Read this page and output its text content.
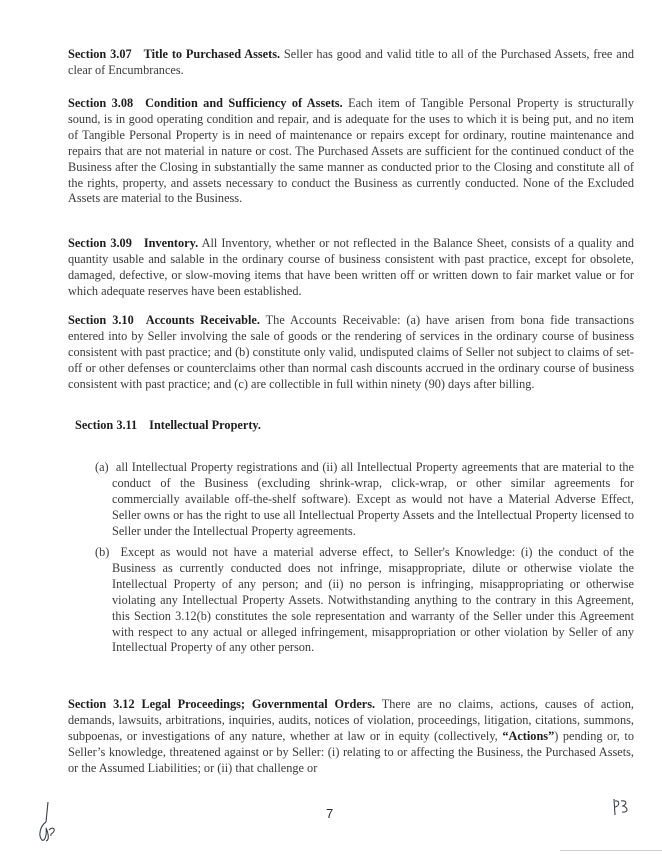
Section 3.07 Title to Purchased Assets. Seller has good and valid title to all of the Purchased Assets, free and clear of Encumbrances.
Section 3.08 Condition and Sufficiency of Assets. Each item of Tangible Personal Property is structurally sound, is in good operating condition and repair, and is adequate for the uses to which it is being put, and no item of Tangible Personal Property is in need of maintenance or repairs except for ordinary, routine maintenance and repairs that are not material in nature or cost. The Purchased Assets are sufficient for the continued conduct of the Business after the Closing in substantially the same manner as conducted prior to the Closing and constitute all of the rights, property, and assets necessary to conduct the Business as currently conducted. None of the Excluded Assets are material to the Business.
Section 3.09 Inventory. All Inventory, whether or not reflected in the Balance Sheet, consists of a quality and quantity usable and salable in the ordinary course of business consistent with past practice, except for obsolete, damaged, defective, or slow-moving items that have been written off or written down to fair market value or for which adequate reserves have been established.
Section 3.10 Accounts Receivable. The Accounts Receivable: (a) have arisen from bona fide transactions entered into by Seller involving the sale of goods or the rendering of services in the ordinary course of business consistent with past practice; and (b) constitute only valid, undisputed claims of Seller not subject to claims of set-off or other defenses or counterclaims other than normal cash discounts accrued in the ordinary course of business consistent with past practice; and (c) are collectible in full within ninety (90) days after billing.
Section 3.11 Intellectual Property.
(a) all Intellectual Property registrations and (ii) all Intellectual Property agreements that are material to the conduct of the Business (excluding shrink-wrap, click-wrap, or other similar agreements for commercially available off-the-shelf software). Except as would not have a Material Adverse Effect, Seller owns or has the right to use all Intellectual Property Assets and the Intellectual Property licensed to Seller under the Intellectual Property agreements.
(b) Except as would not have a material adverse effect, to Seller's Knowledge: (i) the conduct of the Business as currently conducted does not infringe, misappropriate, dilute or otherwise violate the Intellectual Property of any person; and (ii) no person is infringing, misappropriating or otherwise violating any Intellectual Property Assets. Notwithstanding anything to the contrary in this Agreement, this Section 3.12(b) constitutes the sole representation and warranty of the Seller under this Agreement with respect to any actual or alleged infringement, misappropriation or other violation by Seller of any Intellectual Property of any other person.
Section 3.12 Legal Proceedings; Governmental Orders. There are no claims, actions, causes of action, demands, lawsuits, arbitrations, inquiries, audits, notices of violation, proceedings, litigation, citations, summons, subpoenas, or investigations of any nature, whether at law or in equity (collectively, “Actions”) pending or, to Seller’s knowledge, threatened against or by Seller: (i) relating to or affecting the Business, the Purchased Assets, or the Assumed Liabilities; or (ii) that challenge or
7
